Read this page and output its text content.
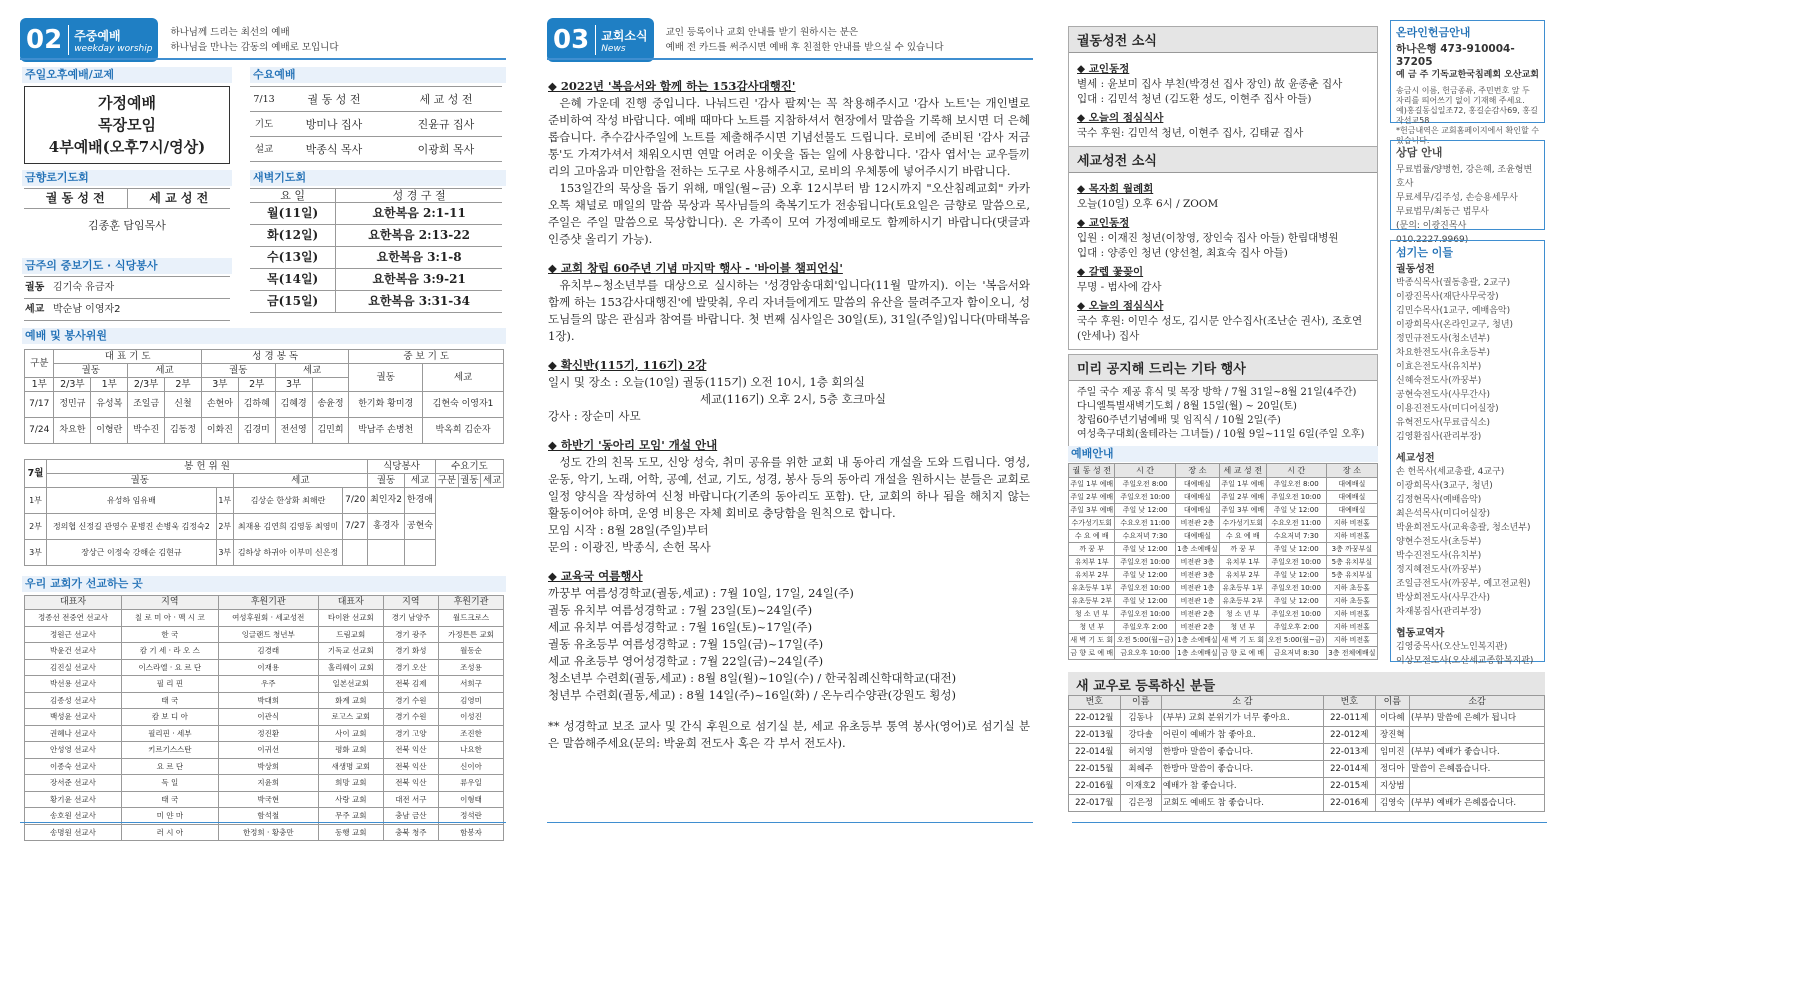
02	주중예배
weekday worship
하나님께 드리는 최선의 예배
하나님을 만나는 감동의 예배로 모입니다
주일오후예배/교제
가정예배
목장모임
4부예배(오후7시/영상)
수요예배
7/13	궐 동 성 전	세 교 성 전
기도	방미나 집사	진윤규 집사
설교	박종식 목사	이광희 목사
금향로기도회
궐 동 성 전	세 교 성 전
김종훈 담임목사
새벽기도회
요 일	성 경 구 절
월(11일)	요한복음 2:1-11
화(12일)	요한복음 2:13-22
수(13일)	요한복음 3:1-8
목(14일)	요한복음 3:9-21
금(15일)	요한복음 3:31-34
금주의 중보기도 · 식당봉사
궐동	김기숙 유금자
세교	박순남 이영자2
예배 및 봉사위원
구분	대 표 기 도				성 경 봉 독				중 보 기 도	
	궐동		세교		궐동		세교		궐동	세교
1부	2/3부	1부	2/3부	2부	3부	2부	3부			
7/17	정민규	유성복	조일금	신철	손현아	김하혜	김혜경	송윤정	한기화 황미경	김현숙 이영자1
7/24	차요한	이형란	박수진	김동정	이화진	김경미	전선영	김민희	박남주 손병천	박옥희 김순자
7월	봉 헌 위 원				식당봉사		수요기도		
	궐동		세교		궐동	세교	구분	궐동	세교
1부	유성하 임유배	1부	김상순 한상화 최해란	7/20	최인자2	한경애			
2부	정의협 신정길 관영수 문병진 손병욱 김정숙2	2부	최재용 김연희 김영동 최영미	7/27	홍경자	공현숙			
3부	장상근 이정숙 강해순 김현규	3부	김하상 하귀아 이부미 신은정						
우리 교회가 선교하는 곳
대표자	지역	후원기관	대표자	지역	후원기관
정종선 전중연 선교사	칠 로 미 아 · 멕 시 코	여성후원회 · 세교성전	타이완 선교회	경기 남양주	월드크로스
정원근 선교사	한 국	잉글랜드 청년부	드림교회	경기 광주	가정튼튼 교회
박윤건 선교사	캄 기 세 · 라 오 스	김경래	기독교 선교회	경기 화성	월동순
김진실 선교사	이스라엘 · 요 르 단	이재용	홀리웨이 교회	경기 오산	조성용
박선용 선교사	필 리 핀	우주	일본선교회	전북 김제	서희구
김종성 선교사	태 국	박대희	화계 교회	경기 수원	김영미
백성윤 선교사	캄 보 디 아	이관식	로고스 교회	경기 수원	이성진
권혜나 선교사	필리핀 · 세부	정진환	사이 교회	경기 고양	조진한
안성영 선교사	키르기스스탄	이귀선	평화 교회	전북 익산	나요한
이종숙 선교사	요 르 단	박상희	새생명 교회	전북 익산	신이아
장서준 선교사	독 일	지윤희	희망 교회	전북 익산	류우일
황기윤 선교사	태 국	박국현	사랑 교회	대전 서구	이형태
송호원 선교사	미 얀 마	함석철	무주 교회	충남 금산	정석란
송명원 선교사	러 시 아	한정희 · 황충만	동행 교회	충북 청주	함봉자
03	교회소식
News
교인 등록이나 교회 안내를 받기 원하시는 분은
예배 전 카드를 써주시면 예배 후 친절한 안내를 받으실 수 있습니다
◆ 2022년 '복음서와 함께 하는 153감사대행진'
은혜 가운데 진행 중입니다. 나눠드린 '감사 팔찌'는 꼭 착용해주시고 '감사 노트'는 개인별로 준비하여 작성 바랍니다. 예배 때마다 노트를 지참하셔서 현장에서 말씀을 기록해 보시면 더 은혜롭습니다. 추수감사주일에 노트를 제출해주시면 기념선물도 드립니다. 로비에 준비된 '감사 저금통'도 가져가셔서 채워오시면 연말 어려운 이웃을 돕는 일에 사용합니다. '감사 엽서'는 교우들끼리의 고마움과 미안함을 전하는 도구로 사용해주시고, 로비의 우체통에 넣어주시기 바랍니다.
153일간의 묵상을 돕기 위해, 매일(월~금) 오후 12시부터 밤 12시까지 "오산침례교회" 카카오톡 채널로 매일의 말씀 묵상과 목사님들의 축복기도가 전송됩니다(토요일은 금향로 말씀으로, 주일은 주일 말씀으로 묵상합니다). 온 가족이 모여 가정예배로도 함께하시기 바랍니다(댓글과 인증샷 올리기 가능).
◆ 교회 창립 60주년 기념 마지막 행사 - '바이블 챔피언십'
유치부~청소년부를 대상으로 실시하는 '성경암송대회'입니다(11월 말까지). 이는 '복음서와 함께 하는 153감사대행진'에 발맞춰, 우리 자녀들에게도 말씀의 유산을 물려주고자 함이오니, 성도님들의 많은 관심과 참여를 바랍니다. 첫 번째 심사일은 30일(토), 31일(주일)입니다(마태복음 1장).
◆ 확신반(115기, 116기) 2강
일시 및 장소 : 오늘(10일) 궐동(115기) 오전 10시, 1층 회의실
세교(116기) 오후 2시, 5층 호크마실
강사 : 장순미 사모
◆ 하반기 '동아리 모임' 개설 안내
성도 간의 친목 도모, 신앙 성숙, 취미 공유를 위한 교회 내 동아리 개설을 도와 드립니다. 영성, 운동, 악기, 노래, 어학, 공예, 선교, 기도, 성경, 봉사 등의 동아리 개설을 원하시는 분들은 교회로 일정 양식을 작성하여 신청 바랍니다(기존의 동아리도 포함). 단, 교회의 하나 됨을 해치지 않는 활동이어야 하며, 운영 비용은 자체 회비로 충당함을 원칙으로 합니다.
모임 시작 : 8월 28일(주일)부터
문의 : 이광진, 박종식, 손헌 목사
◆ 교육국 여름행사
까꿍부 여름성경학교(궐동,세교) : 7월 10일, 17일, 24일(주)
궐동 유치부 여름성경학교 : 7월 23일(토)~24일(주)
세교 유치부 여름성경학교 : 7월 16일(토)~17일(주)
궐동 유초등부 여름성경학교 : 7월 15일(금)~17일(주)
세교 유초등부 영어성경학교 : 7월 22일(금)~24일(주)
청소년부 수련회(궐동,세교) : 8월 8일(월)~10일(수) / 한국침례신학대학교(대전)
청년부 수련회(궐동,세교) : 8월 14일(주)~16일(화) / 온누리수양관(강원도 횡성)
** 성경학교 보조 교사 및 간식 후원으로 섬기실 분, 세교 유초등부 통역 봉사(영어)로 섬기실 분은 말씀해주세요(문의: 박윤희 전도사 혹은 각 부서 전도사).
궐동성전 소식
◆ 교인동정
별세 : 윤보미 집사 부친(박경선 집사 장인) 故 윤종춘 집사
입대 : 김민석 청년 (김도환 성도, 이현주 집사 아들)
◆ 오늘의 점심식사
국수 후원: 김민석 청년, 이현주 집사, 김태균 집사
세교성전 소식
◆ 목자회 월례회
오늘(10일) 오후 6시 / ZOOM
◆ 교인동정
입원 : 이재진 청년(이창영, 장인숙 집사 아들) 한림대병원
입대 : 양종인 청년 (양선철, 최효숙 집사 아들)
◆ 갈렙 꽃꽂이
무명 - 범사에 감사
◆ 오늘의 점심식사
국수 후원: 이민수 성도, 김시문 안수집사(조난순 권사), 조호연(안세나) 집사
미리 공지해 드리는 기타 행사
주일 국수 제공 휴식 및 목장 방학 / 7월 31일~8월 21일(4주간)
다니엘특별새벽기도회 / 8월 15일(월) ~ 20일(토)
창립60주년기념예배 및 임직식 / 10월 2일(주)
여성축구대회(울테라는 그녀들) / 10월 9일~11일 6일(주일 오후)
예배안내
궐 동 성 전	시 간	장 소	세 교 성 전	시 간	장 소
주일 1부 예배	주일오전 8:00	대예배실	주일 1부 예배	주일오전 8:00	대예배실
주일 2부 예배	주일오전 10:00	대예배실	주일 2부 예배	주일오전 10:00	대예배실
주일 3부 예배	주일 낮 12:00	대예배실	주일 3부 예배	주일 낮 12:00	대예배실
수가성기도회	수요오전 11:00	비전관 2층	수가성기도회	수요오전 11:00	지하 비전홀
수 요 예 배	수요저녁 7:30	대예배실	수 요 예 배	수요저녁 7:30	지하 비전홀
까 꿍 부	주일 낮 12:00	1층 소예배실	까 꿍 부	주일 낮 12:00	3층 까꿍부실
유치부 1부	주일오전 10:00	비전관 3층	유치부 1부	주일오전 10:00	5층 유치부실
유치부 2부	주일 낮 12:00	비전관 3층	유치부 2부	주일 낮 12:00	5층 유치부실
유초등부 1부	주일오전 10:00	비전관 1층	유초등부 1부	주일오전 10:00	지하 초등홀
유초등부 2부	주일 낮 12:00	비전관 1층	유초등부 2부	주일 낮 12:00	지하 초등홀
청 소 년 부	주일오전 10:00	비전관 2층	청 소 년 부	주일오전 10:00	지하 비전홀
청 년 부	주일오후 2:00	비전관 2층	청 년 부	주일오후 2:00	지하 비전홀
새 벽 기 도 회	오전 5:00(월~금)	1층 소예배실	새 벽 기 도 회	오전 5:00(월~금)	지하 비전홀
금 향 로 예 배	금요오후 10:00	1층 소예배실	금 향 로 예 배	금요저녁 8:30	3층 전체예배실
새 교우로 등록하신 분들
번호	이름	소 감	번호	이름	소감
22-012월	김동나	(부부) 교회 분위기가 너무 좋아요.	22-011제	이다혜	(부부) 말씀에 은혜가 됩니다
22-013월	강다솔	어린이 예배가 참 좋아요.	22-012제	장진혁	
22-014월	허지영	한방마 말씀이 좋습니다.	22-013제	임미진	(부부) 예배가 좋습니다.
22-015월	최혜주	한방마 말씀이 좋습니다.	22-014제	정디아	말씀이 은혜롭습니다.
22-016월	이재호2	예배가 참 좋습니다.	22-015제	지상범	
22-017월	김은정	교회도 예배도 참 좋습니다.	22-016제	김영숙	(부부) 예배가 은혜롭습니다.
온라인헌금안내
하나은행 473-910004-37205
예 금 주 기독교한국침례회 오산교회
송금시 이름, 헌금종류, 주민번호 앞 두 자리를 띄어쓰기 없이 기재해 주세요.
예)홍길동십일조72, 홍길순감사69, 홍길자선교58
*헌금내역은 교회홈페이지에서 확인할 수 있습니다.
상담 안내
무료법률/양병헌, 강은혜, 조윤형변호사
무료세무/김주성, 손승용세무사
무료법무/최동근 법무사
(문의: 이광진목사 010.2227.9969)
섬기는 이들
궐동성전
박종식목사(궐동총괄, 2교구)
이광진목사(재단사무국장)
김민수목사(1교구, 예배음악)
이광희목사(온라인교구, 청년)
정민규전도사(청소년부)
차요한전도사(유초등부)
이효은전도사(유치부)
신혜숙전도사(까꿍부)
공현숙전도사(사무간사)
이용진전도사(미디어실장)
유혁전도사(무료급식소)
김영환집사(관리부장)
세교성전
손 헌목사(세교총괄, 4교구)
이광희목사(3교구, 청년)
김정현목사(예배음악)
최은석목사(미디어실장)
박윤희전도사(교육총괄, 청소년부)
양현수전도사(초등부)
박수진전도사(유치부)
정지혜전도사(까꿍부)
조일금전도사(까꿍부, 예고전교원)
박상희전도사(사무간사)
차재봉집사(관리부장)
협동교역자
김영중목사(오산노인복지관)
이상모전도사(오산세교종합복지관)
